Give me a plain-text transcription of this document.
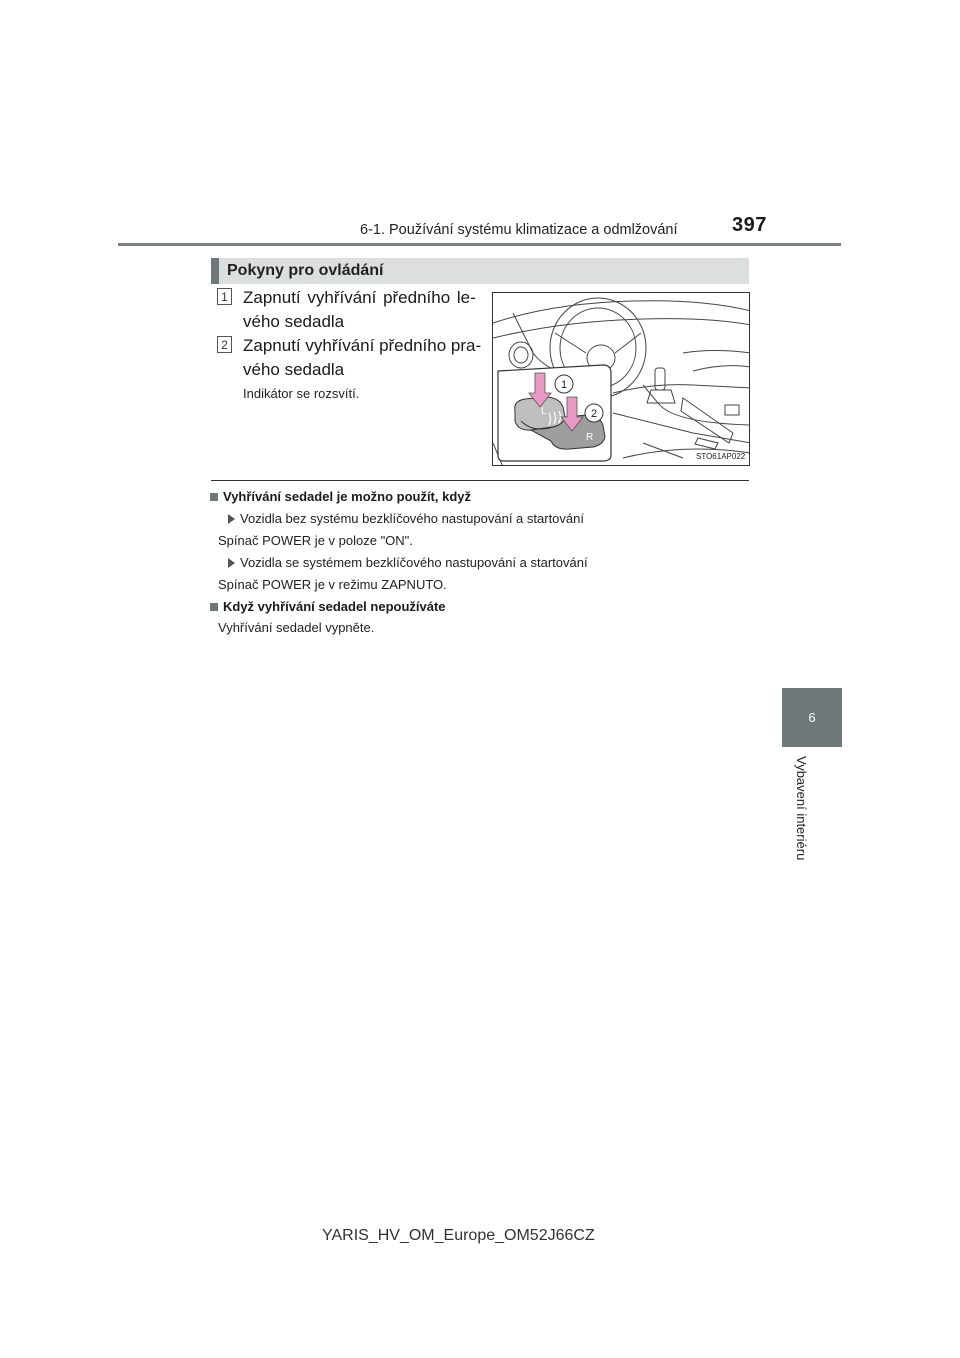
6-1. Používání systému klimatizace a odmlžování	397
6
Vybavení interiéru
Pokyny pro ovládání
1 Zapnutí vyhřívání předního le-
vého sedadla
2 Zapnutí vyhřívání předního pra-
vého sedadla
Indikátor se rozsvítí.
L
R
1
2
STO61AP022
Vyhřívání sedadel je možno použít, když
Vozidla bez systému bezklíčového nastupování a startování
Spínač POWER je v poloze "ON".
Vozidla se systémem bezklíčového nastupování a startování
Spínač POWER je v režimu ZAPNUTO.
Když vyhřívání sedadel nepoužíváte
Vyhřívání sedadel vypněte.
YARIS_HV_OM_Europe_OM52J66CZ
